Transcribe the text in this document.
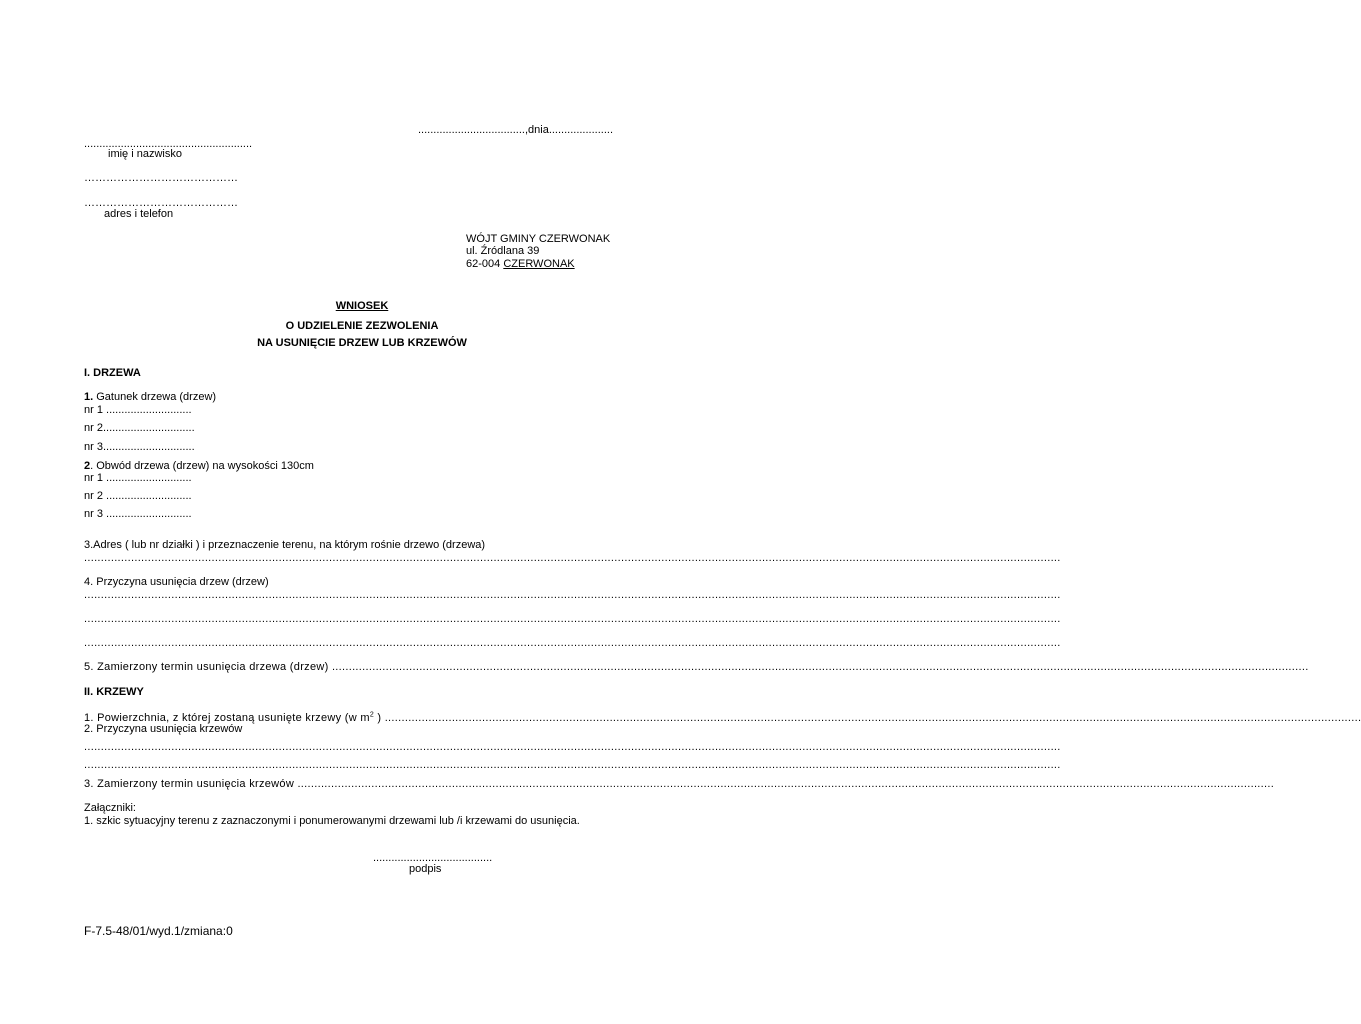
...................................,dnia.....................
.......................................................
imię i nazwisko
……………………………………
……………………………………
adres i telefon
WÓJT GMINY CZERWONAK
ul. Źródlana 39
62-004 CZERWONAK
WNIOSEK
O UDZIELENIE ZEZWOLENIA
NA USUNIĘCIE DRZEW LUB KRZEWÓW
I. DRZEWA
1. Gatunek drzewa (drzew)
nr 1 ............................
nr 2..............................
nr 3..............................
2. Obwód drzewa (drzew) na wysokości 130cm
nr 1 ............................
nr 2 ............................
nr 3 ............................
3.Adres ( lub nr działki ) i przeznaczenie terenu, na którym rośnie drzewo (drzewa)
...................................................................................................................................................................................................................................................................................................
4. Przyczyna usunięcia drzew (drzew)
...................................................................................................................................................................................................................................................................................................
...................................................................................................................................................................................................................................................................................................
...................................................................................................................................................................................................................................................................................................
5. Zamierzony termin usunięcia drzewa (drzew) ...................................................................................................................................................................................................................................................................................................
II. KRZEWY
1. Powierzchnia, z której zostaną usunięte krzewy (w $m^2$ ) ...................................................................................................................................................................................................................................................................................................
2. Przyczyna usunięcia krzewów
...................................................................................................................................................................................................................................................................................................
...................................................................................................................................................................................................................................................................................................
3. Zamierzony termin usunięcia krzewów ...................................................................................................................................................................................................................................................................................................
Załączniki:
1. szkic sytuacyjny terenu z zaznaczonymi i ponumerowanymi drzewami lub /i krzewami do usunięcia.
.......................................
podpis
F-7.5-48/01/wyd.1/zmiana:0
